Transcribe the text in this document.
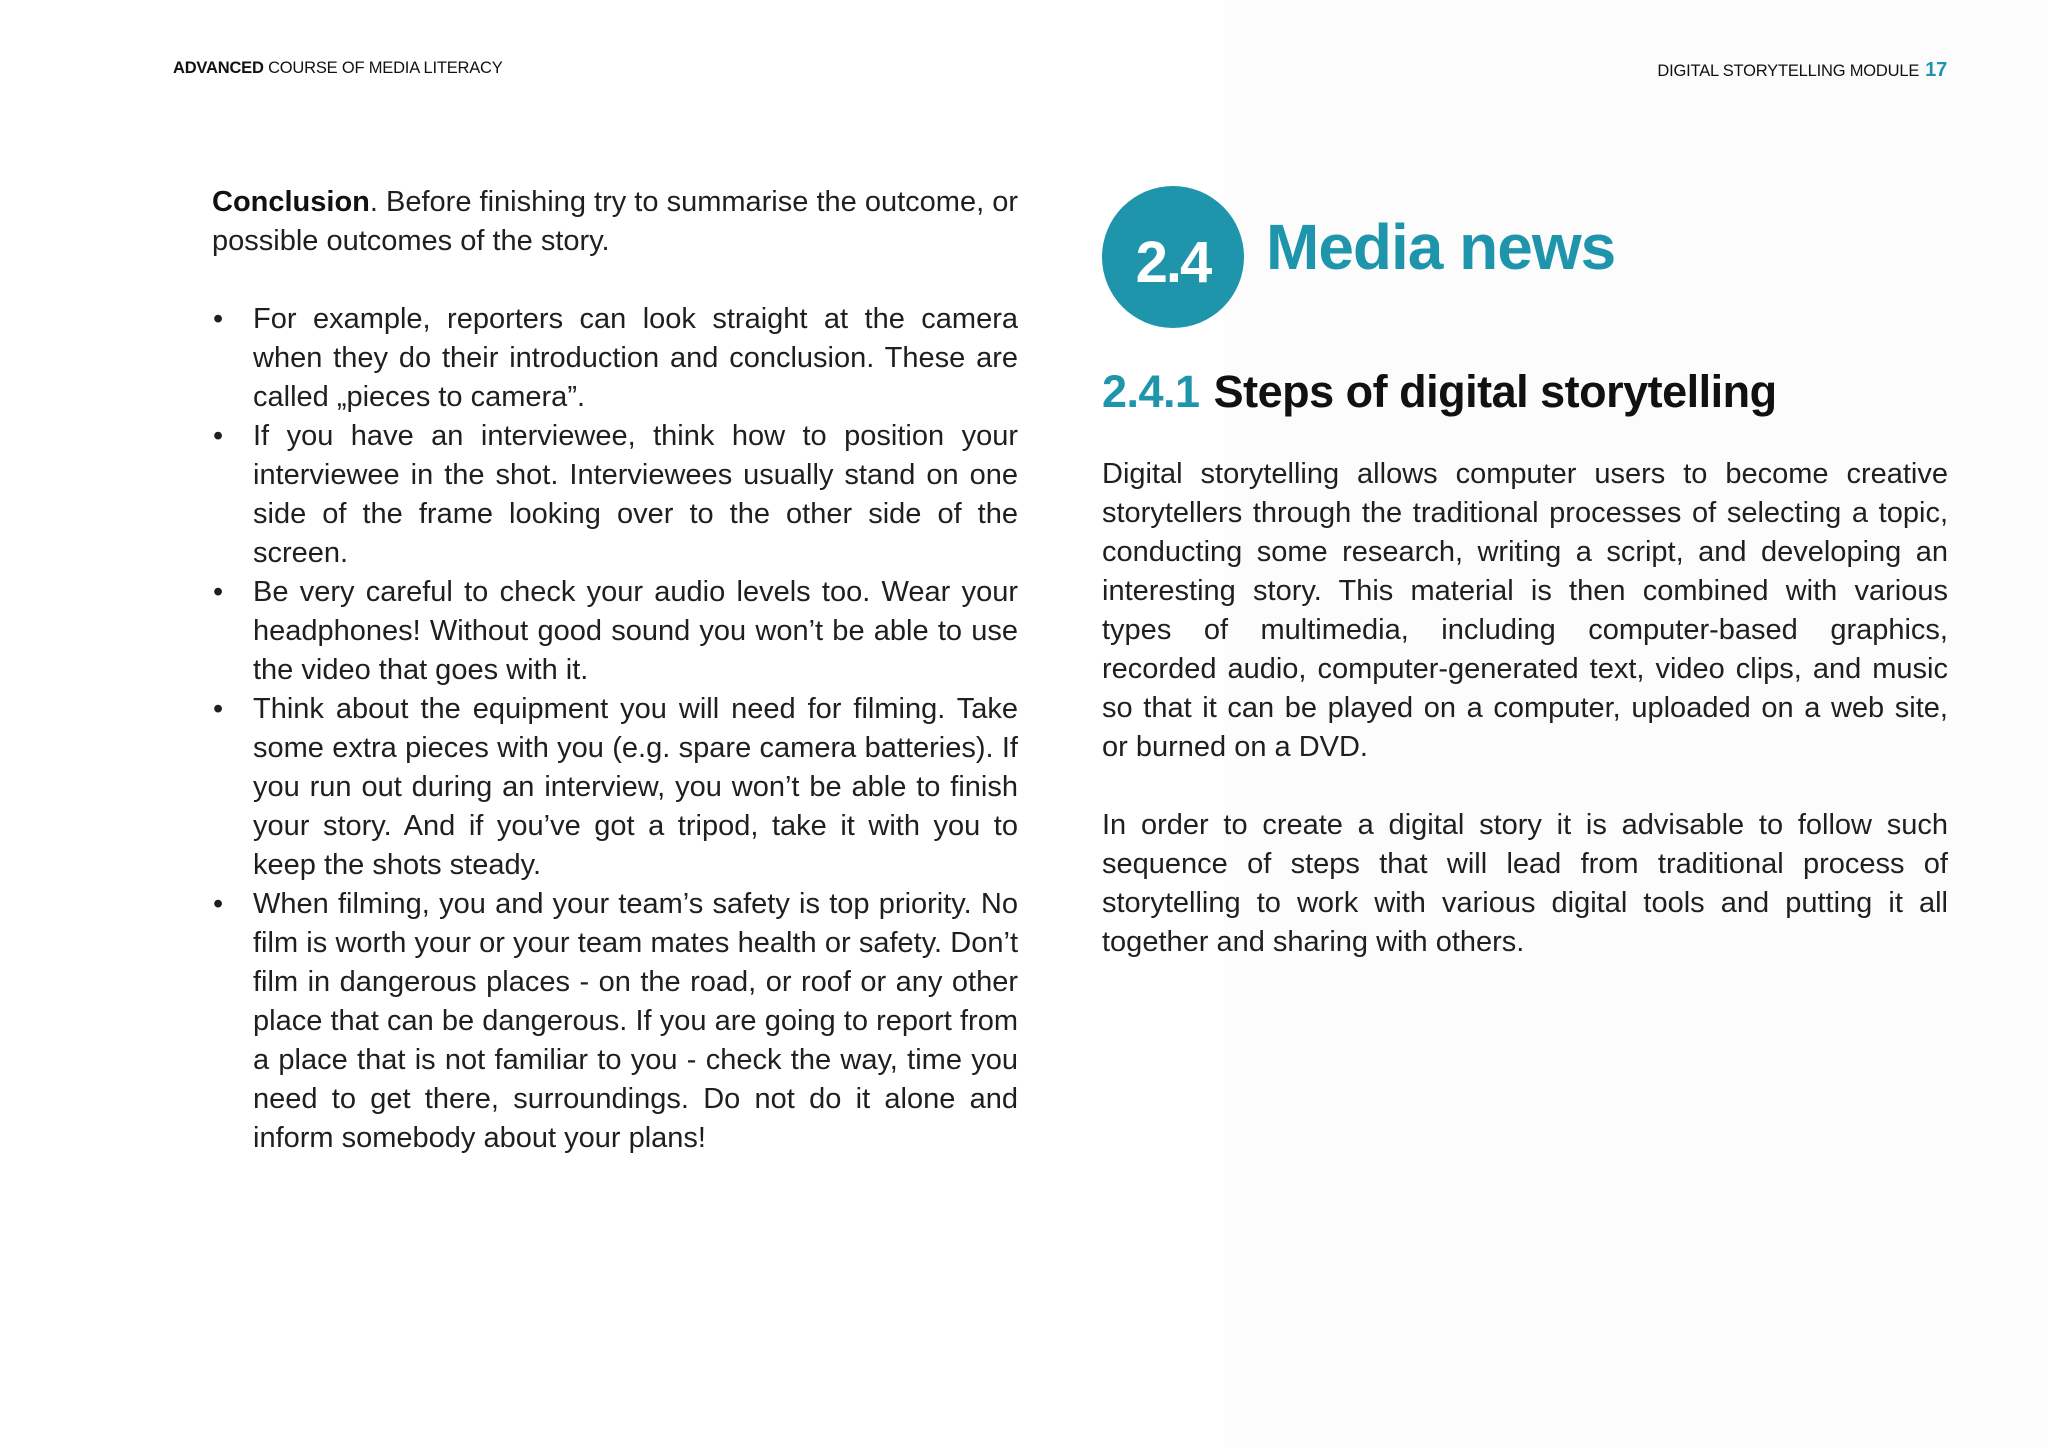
ADVANCED COURSE OF MEDIA LITERACY	DIGITAL STORYTELLING MODULE 17

Conclusion. Before finishing try to summarise the outcome, or possible outcomes of the story.

• For example, reporters can look straight at the camera when they do their introduction and conclusion. These are called „pieces to camera”.
• If you have an interviewee, think how to position your interviewee in the shot. Interviewees usually stand on one side of the frame looking over to the other side of the screen.
• Be very careful to check your audio levels too. Wear your headphones! Without good sound you won’t be able to use the video that goes with it.
• Think about the equipment you will need for filming. Take some extra pieces with you (e.g. spare camera batteries). If you run out during an interview, you won’t be able to finish your story. And if you’ve got a tripod, take it with you to keep the shots steady.
• When filming, you and your team’s safety is top priority. No film is worth your or your team mates health or safety. Don’t film in dangerous places - on the road, or roof or any other place that can be dangerous. If you are going to report from a place that is not familiar to you - check the way, time you need to get there, surroundings. Do not do it alone and inform somebody about your plans!
2.4 Media news
2.4.1 Steps of digital storytelling

Digital storytelling allows computer users to become creative storytellers through the traditional processes of selecting a topic, conducting some research, writing a script, and developing an interesting story. This material is then combined with various types of multimedia, including computer-based graphics, recorded audio, computer-generated text, video clips, and music so that it can be played on a computer, uploaded on a web site, or burned on a DVD.

In order to create a digital story it is advisable to follow such sequence of steps that will lead from traditional process of storytelling to work with various digital tools and putting it all together and sharing with others.
